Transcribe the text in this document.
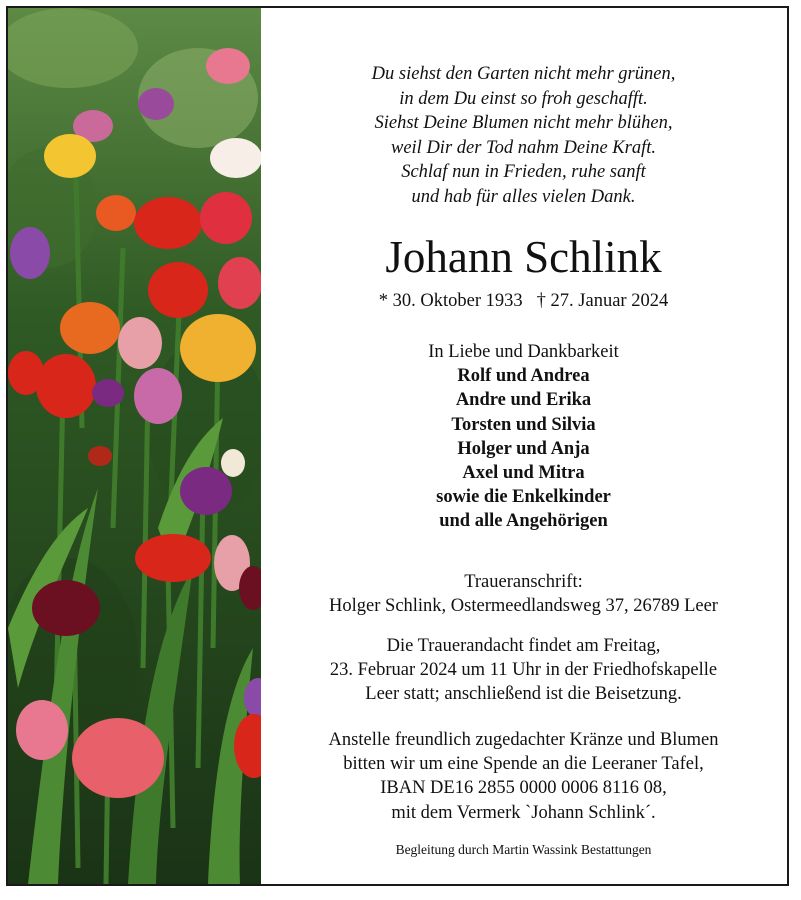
Du siehst den Garten nicht mehr grünen,
in dem Du einst so froh geschafft.
Siehst Deine Blumen nicht mehr blühen,
weil Dir der Tod nahm Deine Kraft.
Schlaf nun in Frieden, ruhe sanft
und hab für alles vielen Dank.
Johann Schlink
* 30. Oktober 1933 † 27. Januar 2024
In Liebe und Dankbarkeit
Rolf und Andrea
Andre und Erika
Torsten und Silvia
Holger und Anja
Axel und Mitra
sowie die Enkelkinder
und alle Angehörigen
Traueranschrift:
Holger Schlink, Ostermeedlandsweg 37, 26789 Leer
Die Trauerandacht findet am Freitag,
23. Februar 2024 um 11 Uhr in der Friedhofskapelle
Leer statt; anschließend ist die Beisetzung.
Anstelle freundlich zugedachter Kränze und Blumen
bitten wir um eine Spende an die Leeraner Tafel,
IBAN DE16 2855 0000 0006 8116 08,
mit dem Vermerk `Johann Schlink´.
Begleitung durch Martin Wassink Bestattungen
